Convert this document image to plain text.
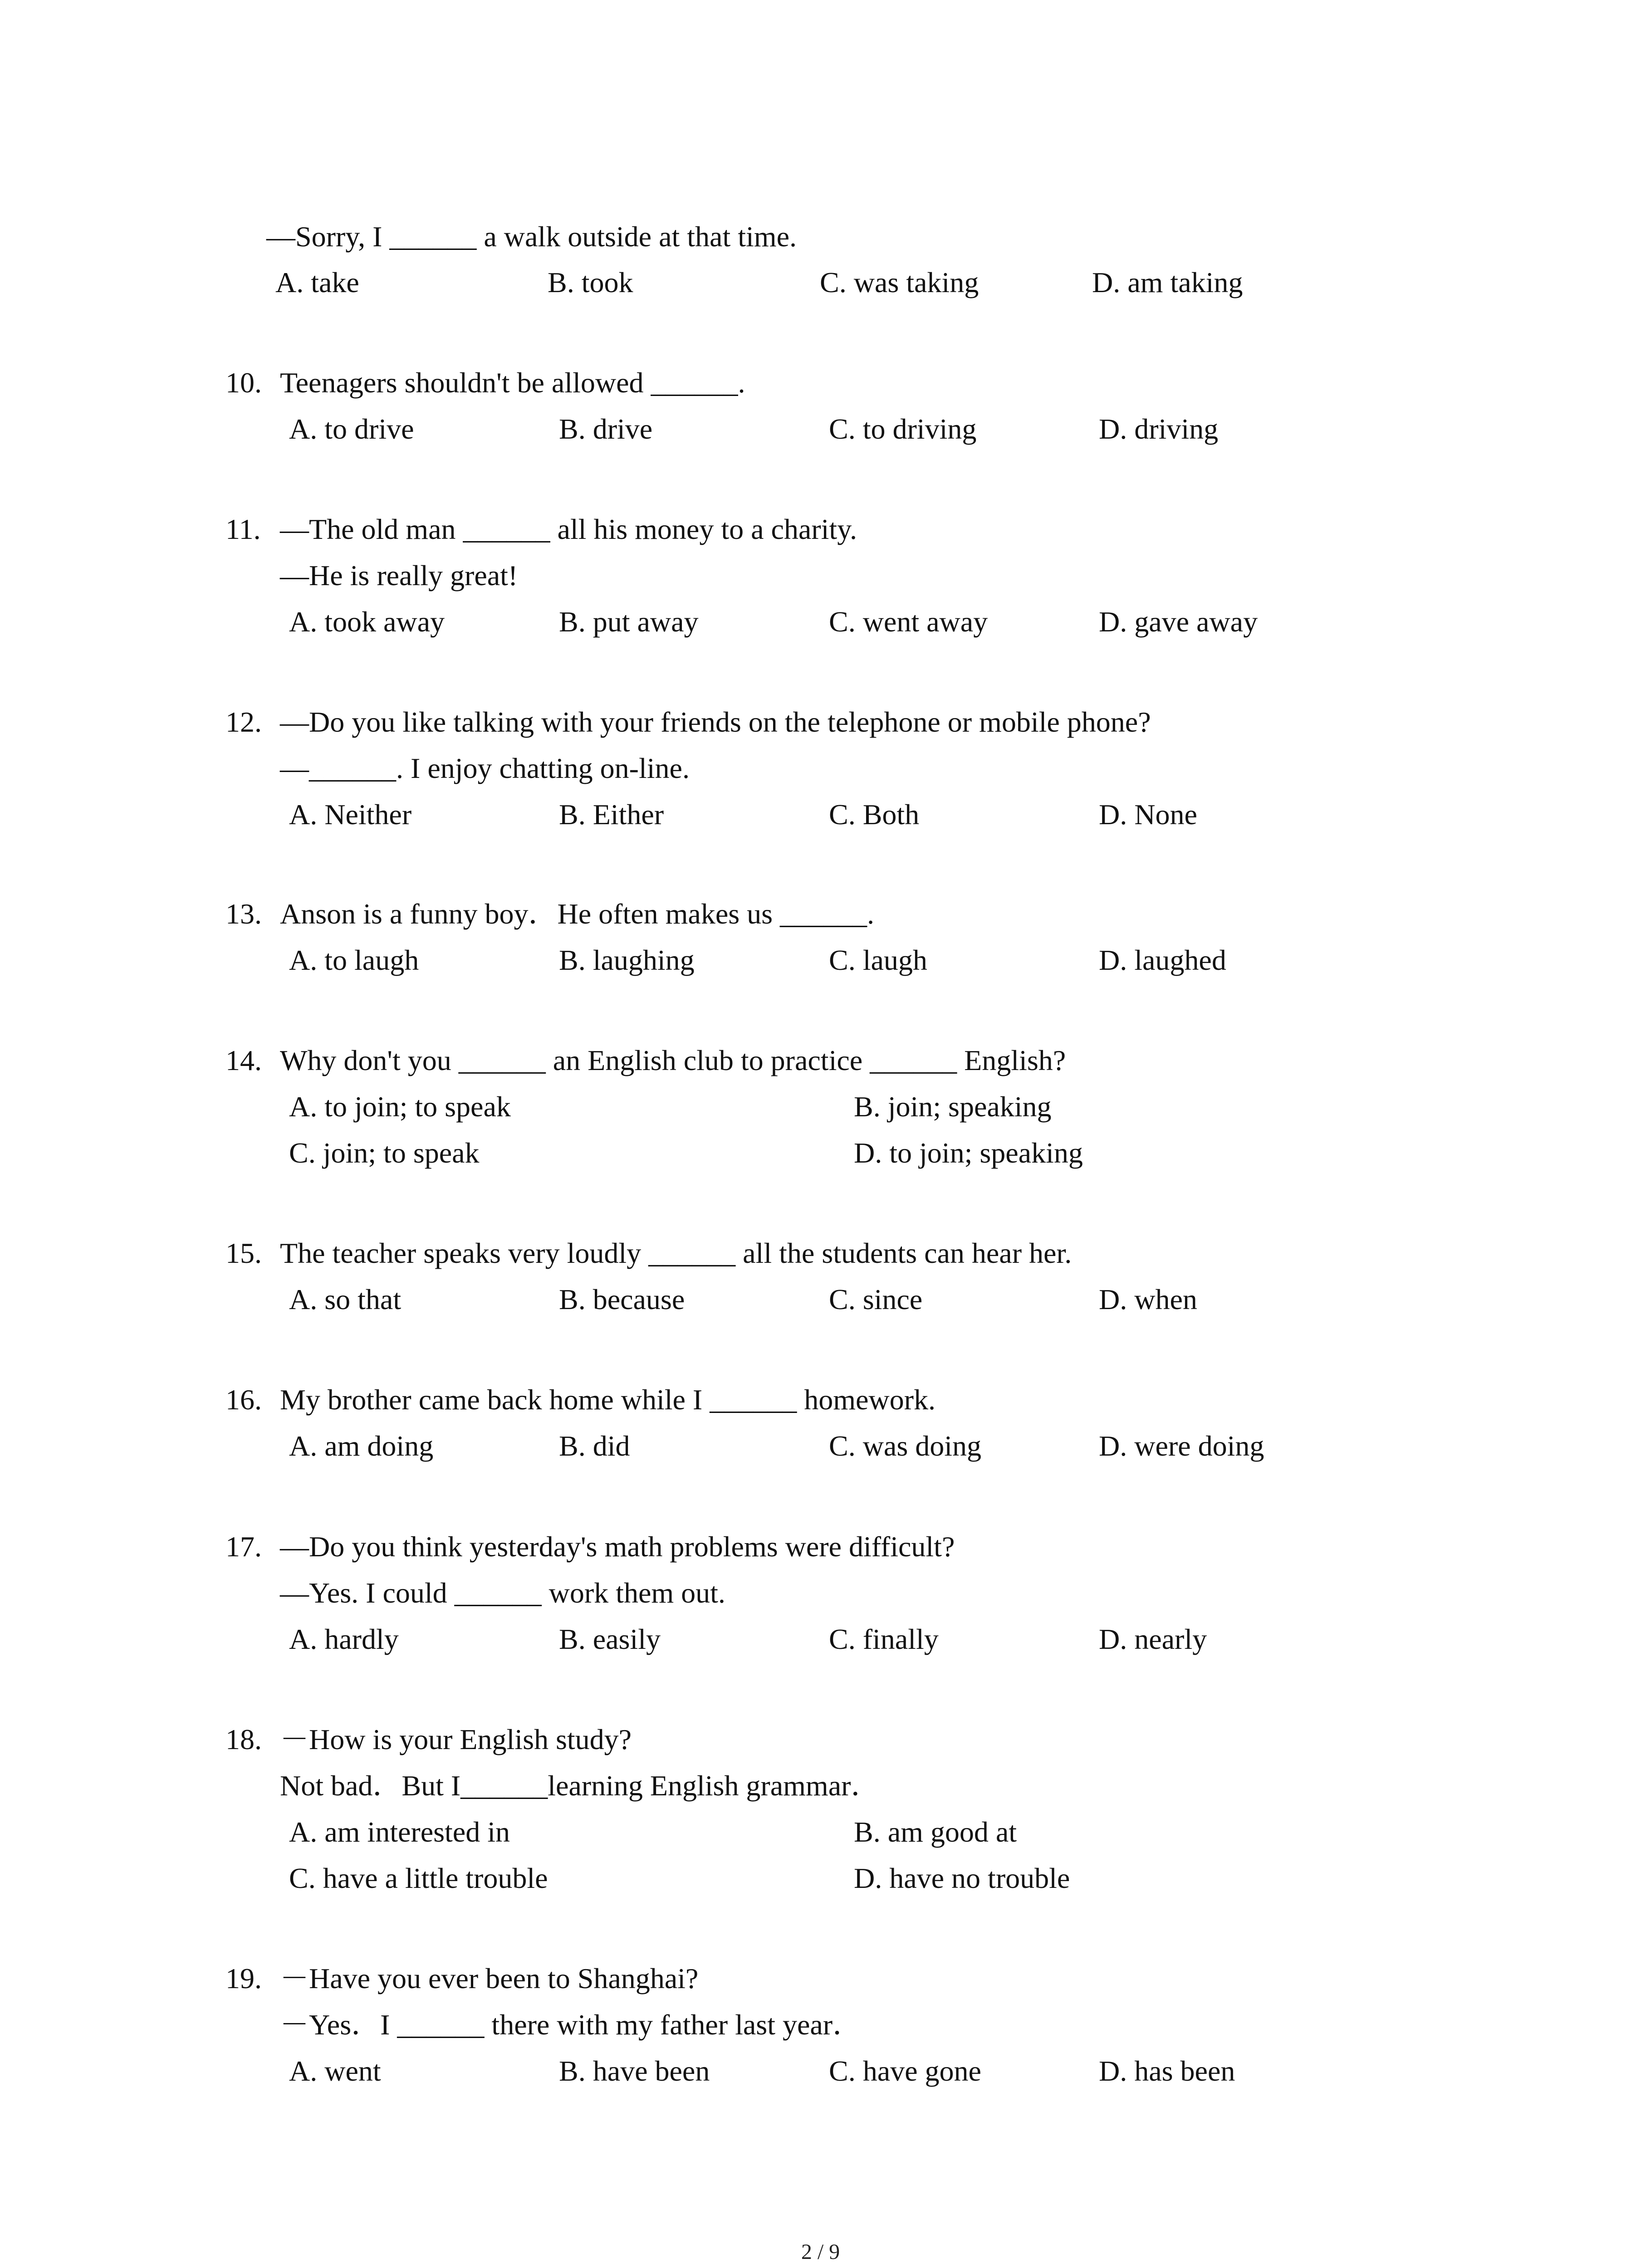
—Sorry, I ______ a walk outside at that time.
A. take	B. took	C. was taking	D. am taking
10. Teenagers shouldn't be allowed ______.
A. to drive	B. drive	C. to driving	D. driving
11. —The old man ______ all his money to a charity.
—He is really great!
A. took away	B. put away	C. went away	D. gave away
12. —Do you like talking with your friends on the telephone or mobile phone?
—______. I enjoy chatting on-line.
A. Neither	B. Either	C. Both	D. None
13. Anson is a funny boy．He often makes us ______.
A. to laugh	B. laughing	C. laugh	D. laughed
14. Why don't you ______ an English club to practice ______ English?
A. to join; to speak	B. join; speaking
C. join; to speak	D. to join; speaking
15. The teacher speaks very loudly ______ all the students can hear her.
A. so that	B. because	C. since	D. when
16. My brother came back home while I ______ homework.
A. am doing	B. did	C. was doing	D. were doing
17. —Do you think yesterday's math problems were difficult?
—Yes. I could ______ work them out.
A. hardly	B. easily	C. finally	D. nearly
18. －How is your English study?
Not bad．But I______learning English grammar．
A. am interested in	B. am good at
C. have a little trouble	D. have no trouble
19. －Have you ever been to Shanghai?
－Yes．I ______ there with my father last year．
A. went	B. have been	C. have gone	D. has been
2 / 9
